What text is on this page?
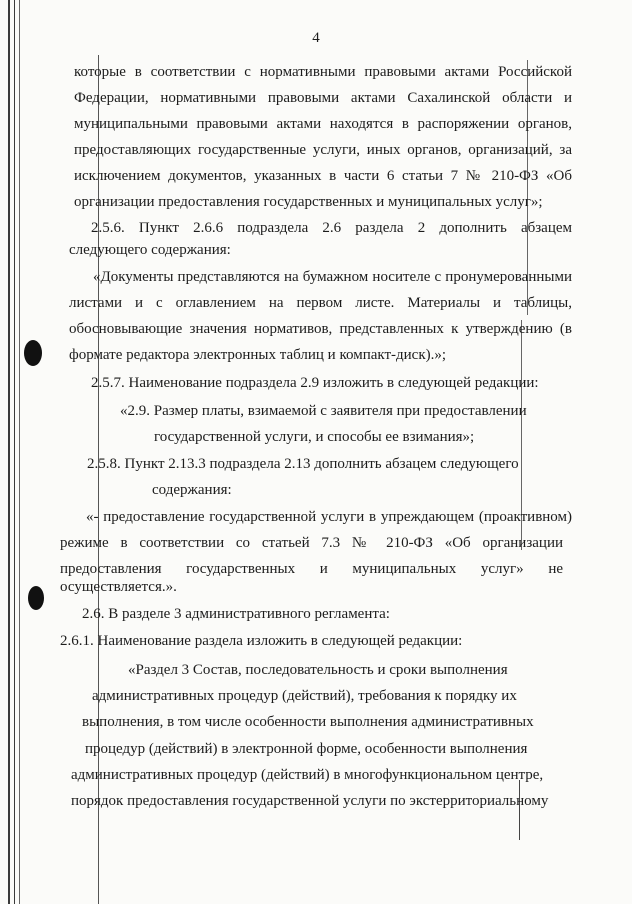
4
которые в соответствии с нормативными правовыми актами Российской
Федерации, нормативными правовыми актами Сахалинской области и
муниципальными правовыми актами находятся в распоряжении органов,
предоставляющих государственные услуги, иных органов, организаций, за
исключением документов, указанных в части 6 статьи 7 № 210-ФЗ «Об
организации предоставления государственных и муниципальных услуг»;
2.5.6. Пункт 2.6.6 подраздела 2.6 раздела 2 дополнить абзацем
следующего содержания:
«Документы представляются на бумажном носителе с пронумерованными
листами и с оглавлением на первом листе. Материалы и таблицы,
обосновывающие значения нормативов, представленных к утверждению (в
формате редактора электронных таблиц и компакт-диск).»;
2.5.7. Наименование подраздела 2.9 изложить в следующей редакции:
«2.9. Размер платы, взимаемой с заявителя при предоставлении
государственной услуги, и способы ее взимания»;
2.5.8. Пункт 2.13.3 подраздела 2.13 дополнить абзацем следующего
содержания:
«- предоставление государственной услуги в упреждающем (проактивном)
режиме в соответствии со статьей 7.3 № 210-ФЗ «Об организации
предоставления государственных и муниципальных услуг» не
осуществляется.».
2.6. В разделе 3 административного регламента:
2.6.1. Наименование раздела изложить в следующей редакции:
«Раздел 3 Состав, последовательность и сроки выполнения
административных процедур (действий), требования к порядку их
выполнения, в том числе особенности выполнения административных
процедур (действий) в электронной форме, особенности выполнения
административных процедур (действий) в многофункциональном центре,
порядок предоставления государственной услуги по экстерриториальному
